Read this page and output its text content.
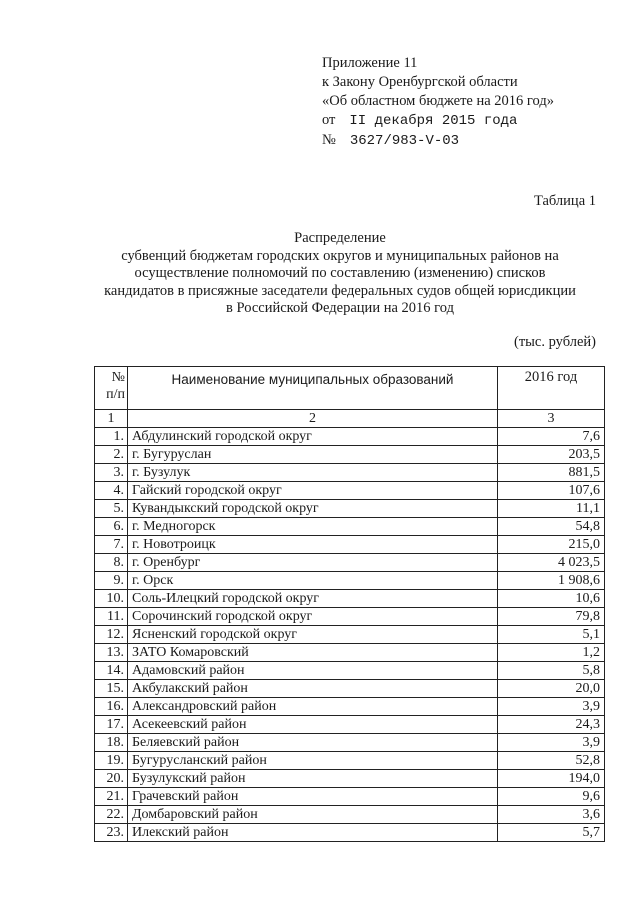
Приложение 11
к Закону Оренбургской области
«Об областном бюджете на 2016 год»
от II декабря 2015 года
№ 3627/983-V-03
Таблица 1
Распределение
субвенций бюджетам городских округов и муниципальных районов на
осуществление полномочий по составлению (изменению) списков
кандидатов в присяжные заседатели федеральных судов общей юрисдикции
в Российской Федерации на 2016 год
(тыс. рублей)
№
п/п	Наименование муниципальных образований	2016 год
1	2	3
1.	Абдулинский городской округ	7,6
2.	г. Бугуруслан	203,5
3.	г. Бузулук	881,5
4.	Гайский городской округ	107,6
5.	Кувандыкский городской округ	11,1
6.	г. Медногорск	54,8
7.	г. Новотроицк	215,0
8.	г. Оренбург	4 023,5
9.	г. Орск	1 908,6
10.	Соль-Илецкий городской округ	10,6
11.	Сорочинский городской округ	79,8
12.	Ясненский городской округ	5,1
13.	ЗАТО Комаровский	1,2
14.	Адамовский район	5,8
15.	Акбулакский район	20,0
16.	Александровский район	3,9
17.	Асекеевский район	24,3
18.	Беляевский район	3,9
19.	Бугурусланский район	52,8
20.	Бузулукский район	194,0
21.	Грачевский район	9,6
22.	Домбаровский район	3,6
23.	Илекский район	5,7
